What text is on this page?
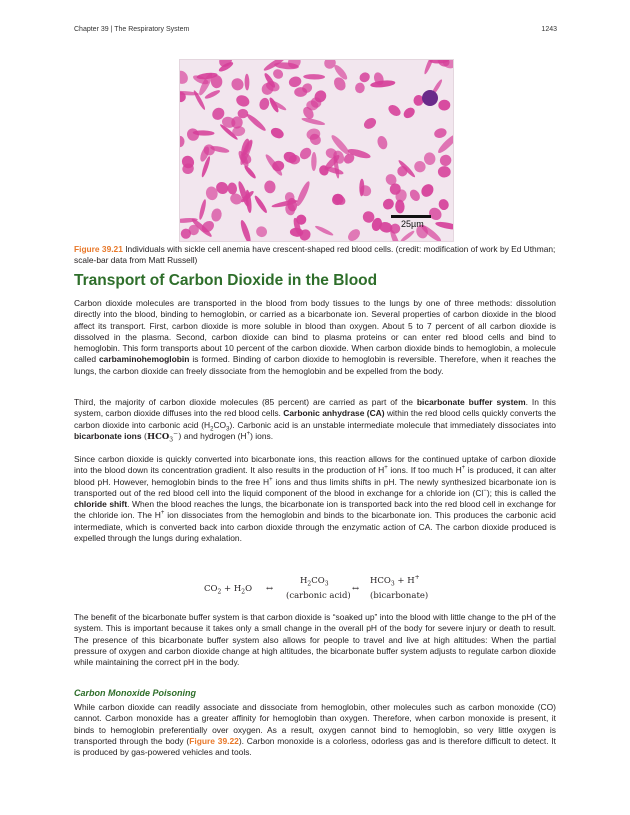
Chapter 39 | The Respiratory System	1243
25µm
Figure 39.21 Individuals with sickle cell anemia have crescent-shaped red blood cells. (credit: modification of work by Ed Uthman; scale-bar data from Matt Russell)
Transport of Carbon Dioxide in the Blood
Carbon dioxide molecules are transported in the blood from body tissues to the lungs by one of three methods: dissolution directly into the blood, binding to hemoglobin, or carried as a bicarbonate ion. Several properties of carbon dioxide in the blood affect its transport. First, carbon dioxide is more soluble in blood than oxygen. About 5 to 7 percent of all carbon dioxide is dissolved in the plasma. Second, carbon dioxide can bind to plasma proteins or can enter red blood cells and bind to hemoglobin. This form transports about 10 percent of the carbon dioxide. When carbon dioxide binds to hemoglobin, a molecule called carbaminohemoglobin is formed. Binding of carbon dioxide to hemoglobin is reversible. Therefore, when it reaches the lungs, the carbon dioxide can freely dissociate from the hemoglobin and be expelled from the body.
Third, the majority of carbon dioxide molecules (85 percent) are carried as part of the bicarbonate buffer system. In this system, carbon dioxide diffuses into the red blood cells. Carbonic anhydrase (CA) within the red blood cells quickly converts the carbon dioxide into carbonic acid $(H_2CO_3)$. Carbonic acid is an unstable intermediate molecule that immediately dissociates into bicarbonate ions $(HCO_3^-)$ and hydrogen (H+) ions.
Since carbon dioxide is quickly converted into bicarbonate ions, this reaction allows for the continued uptake of carbon dioxide into the blood down its concentration gradient. It also results in the production of H+ ions. If too much H+ is produced, it can alter blood pH. However, hemoglobin binds to the free H+ ions and thus limits shifts in pH. The newly synthesized bicarbonate ion is transported out of the red blood cell into the liquid component of the blood in exchange for a chloride ion (Cl−); this is called the chloride shift. When the blood reaches the lungs, the bicarbonate ion is transported back into the red blood cell in exchange for the chloride ion. The H+ ion dissociates from the hemoglobin and binds to the bicarbonate ion. This produces the carbonic acid intermediate, which is converted back into carbon dioxide through the enzymatic action of CA. The carbon dioxide produced is expelled through the lungs during exhalation.
$CO_2 + H_2O$ ↔
$H_2CO_3$
(carbonic acid)
↔
$HCO_3 + H^+$
(bicarbonate)
The benefit of the bicarbonate buffer system is that carbon dioxide is “soaked up” into the blood with little change to the pH of the system. This is important because it takes only a small change in the overall pH of the body for severe injury or death to result. The presence of this bicarbonate buffer system also allows for people to travel and live at high altitudes: When the partial pressure of oxygen and carbon dioxide change at high altitudes, the bicarbonate buffer system adjusts to regulate carbon dioxide while maintaining the correct pH in the body.
Carbon Monoxide Poisoning
While carbon dioxide can readily associate and dissociate from hemoglobin, other molecules such as carbon monoxide (CO) cannot. Carbon monoxide has a greater affinity for hemoglobin than oxygen. Therefore, when carbon monoxide is present, it binds to hemoglobin preferentially over oxygen. As a result, oxygen cannot bind to hemoglobin, so very little oxygen is transported through the body (Figure 39.22). Carbon monoxide is a colorless, odorless gas and is therefore difficult to detect. It is produced by gas-powered vehicles and tools.
